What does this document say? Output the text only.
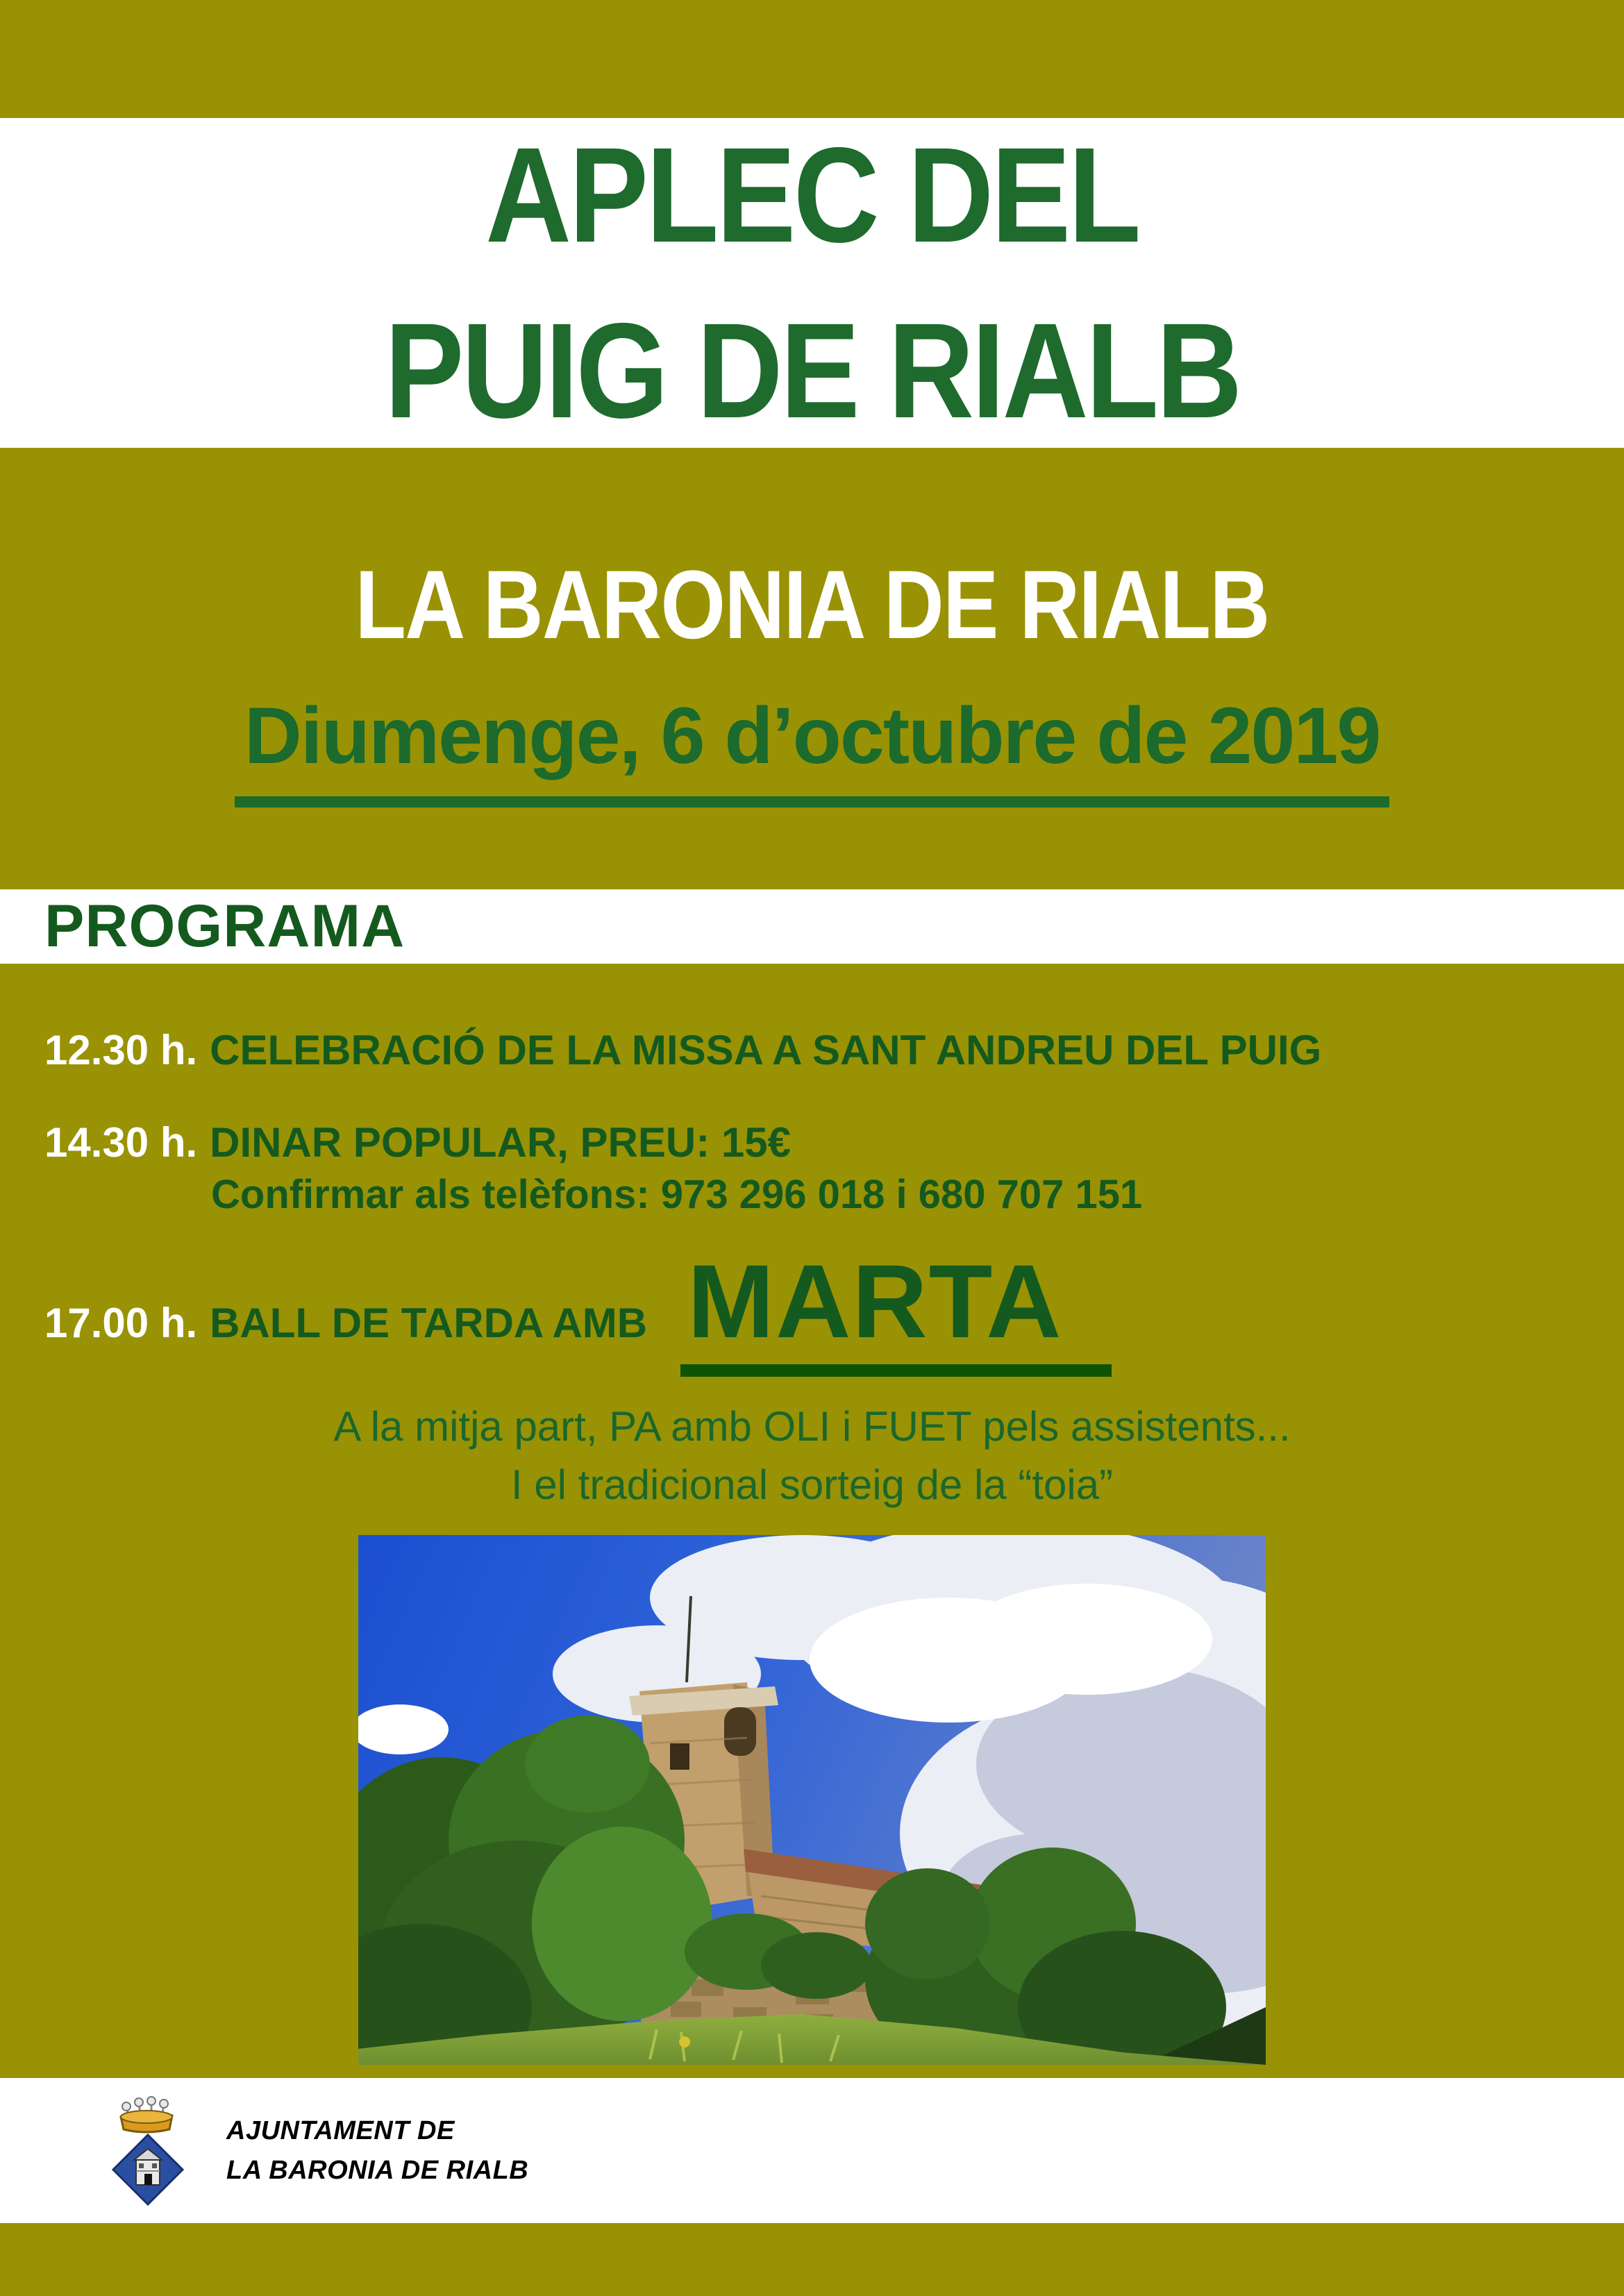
APLEC DEL
PUIG DE RIALB
LA BARONIA DE RIALB
Diumenge, 6 d’octubre de 2019
PROGRAMA
12.30 h. CELEBRACIÓ DE LA MISSA A SANT ANDREU DEL PUIG
14.30 h. DINAR POPULAR, PREU: 15€
Confirmar als telèfons: 973 296 018 i 680 707 151
17.00 h. BALL DE TARDA AMB MARTA
A la mitja part, PA amb OLI i FUET pels assistents...
I el tradicional sorteig de la “toia”
AJUNTAMENT DE
LA BARONIA DE RIALB
